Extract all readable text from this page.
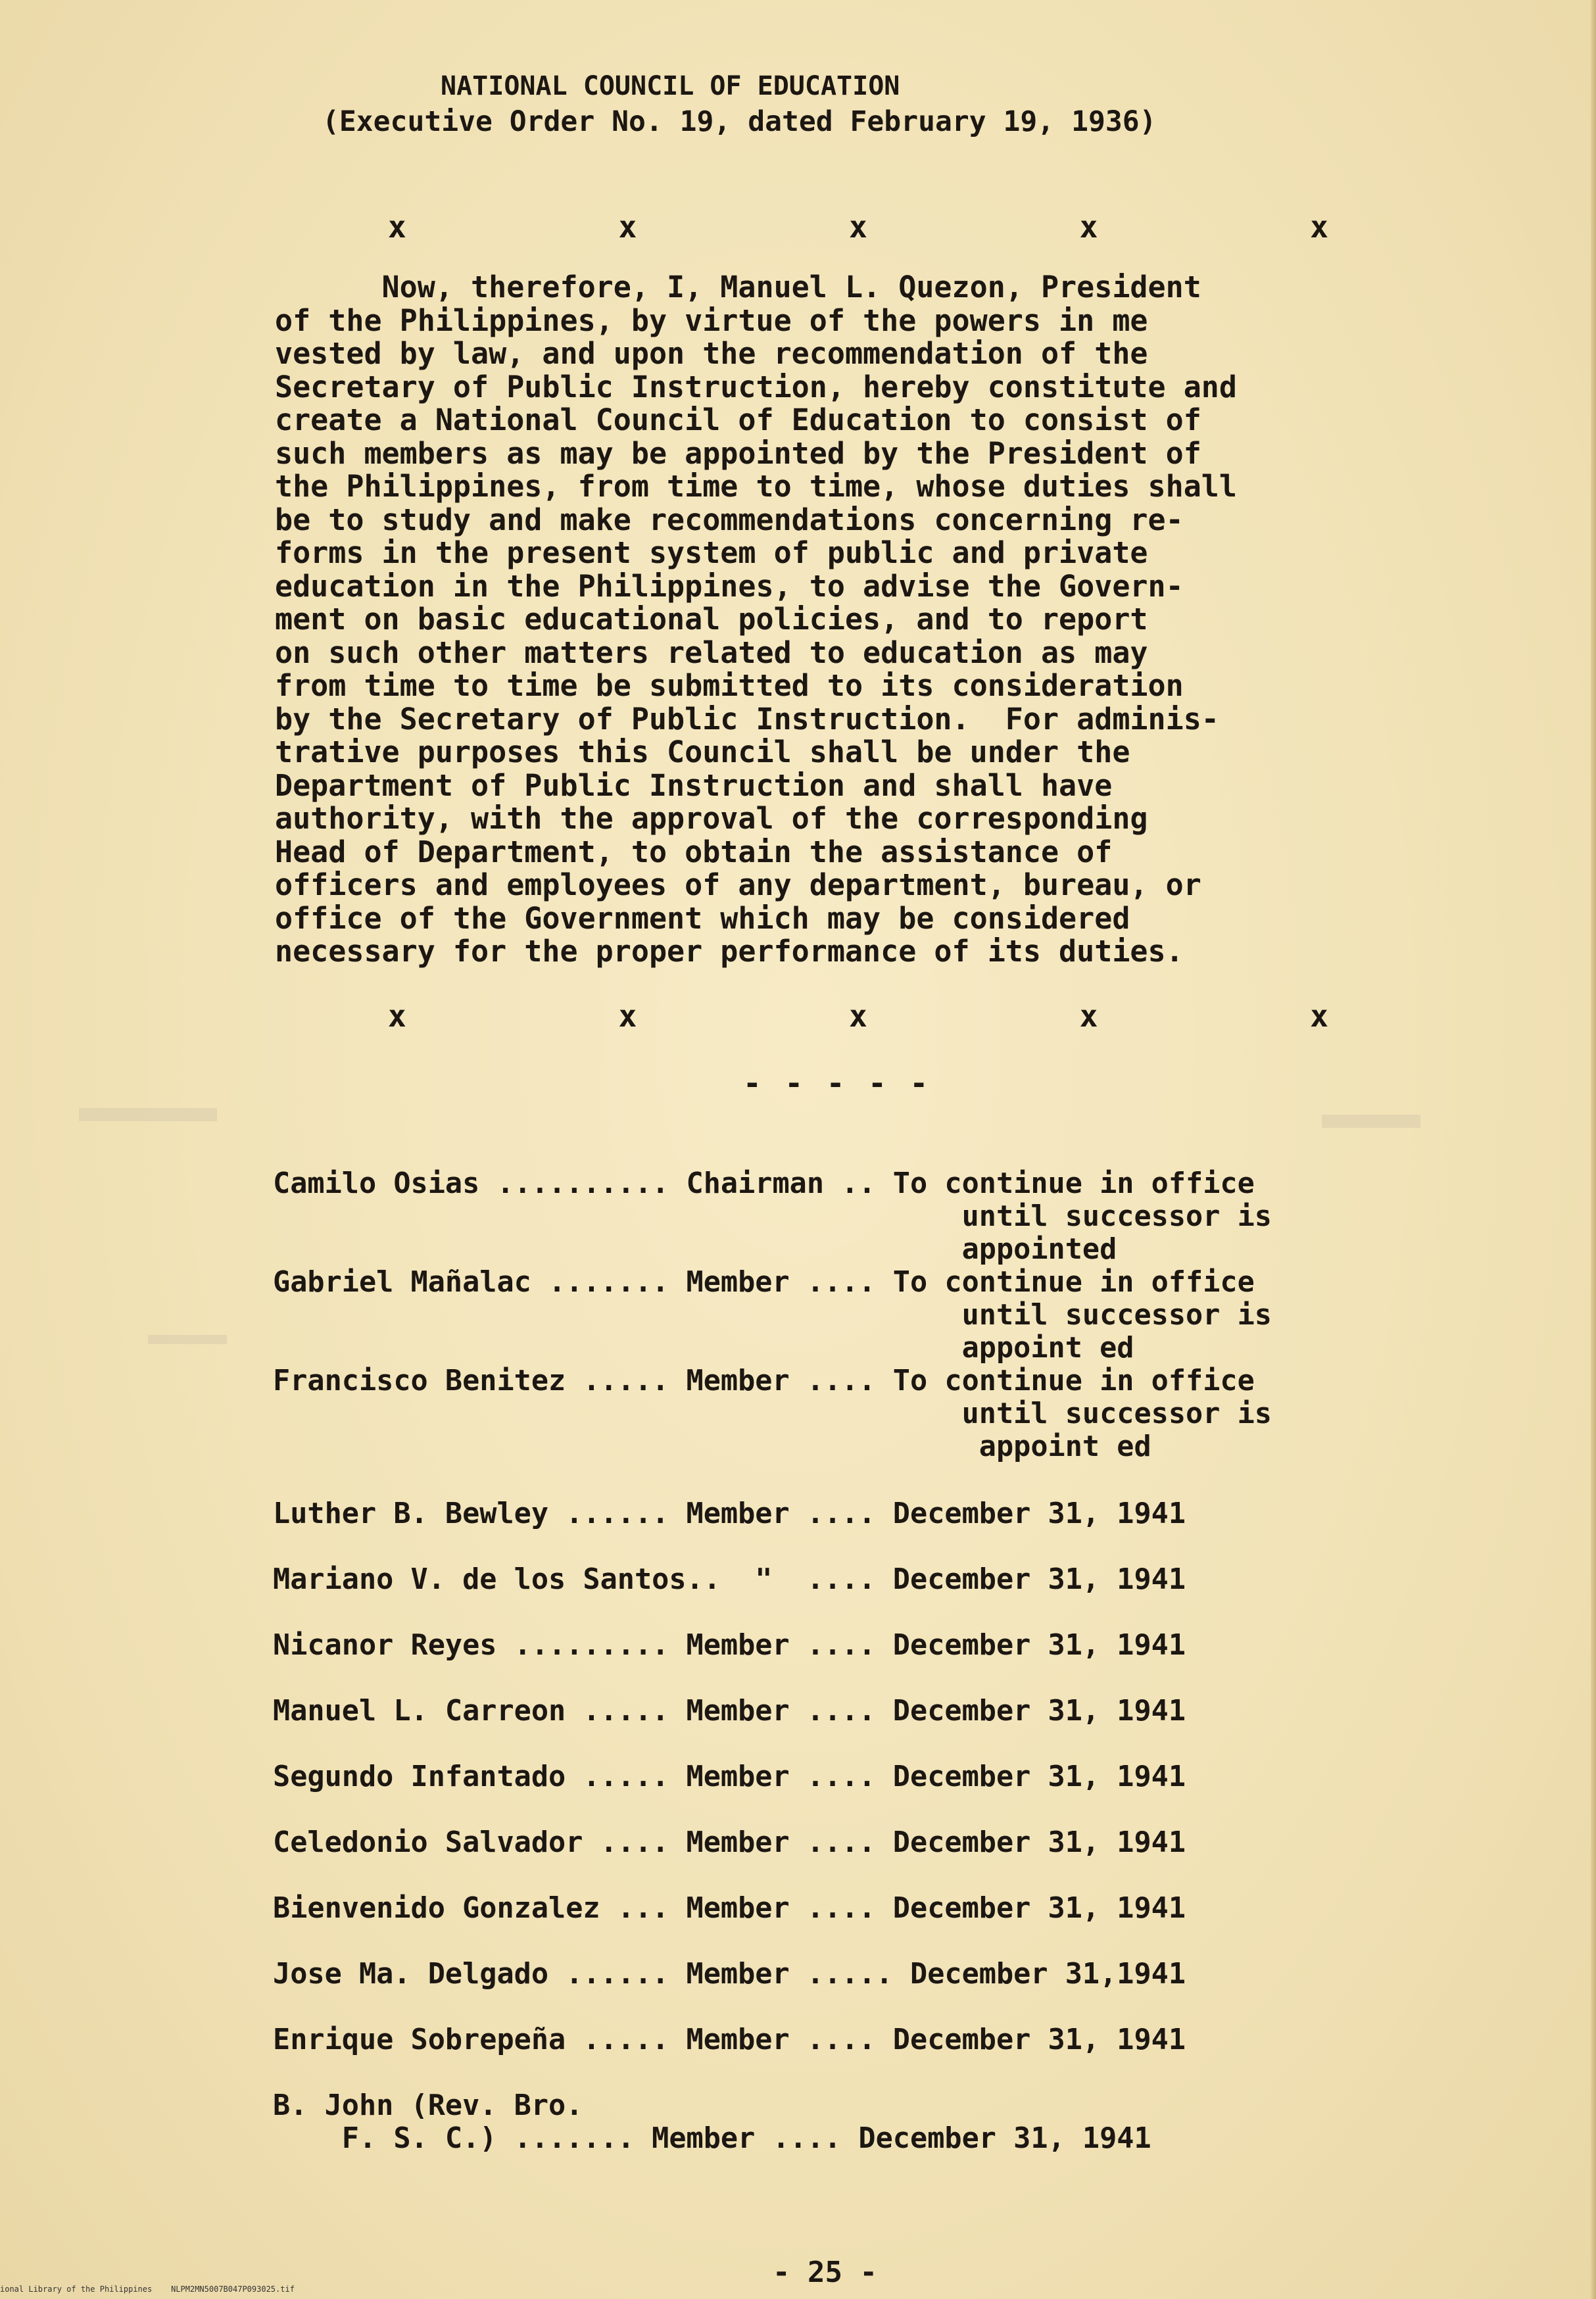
NATIONAL COUNCIL OF EDUCATION
(Executive Order No. 19, dated February 19, 1936)
x	x	x	x	x
Now, therefore, I, Manuel L. Quezon, President
of the Philippines, by virtue of the powers in me
vested by law, and upon the recommendation of the
Secretary of Public Instruction, hereby constitute and
create a National Council of Education to consist of
such members as may be appointed by the President of
the Philippines, from time to time, whose duties shall
be to study and make recommendations concerning re-
forms in the present system of public and private
education in the Philippines, to advise the Govern-
ment on basic educational policies, and to report
on such other matters related to education as may
from time to time be submitted to its consideration
by the Secretary of Public Instruction.  For adminis-
trative purposes this Council shall be under the
Department of Public Instruction and shall have
authority, with the approval of the corresponding
Head of Department, to obtain the assistance of
officers and employees of any department, bureau, or
office of the Government which may be considered
necessary for the proper performance of its duties.
x	x	x	x	x
- - - - -
Camilo Osias .......... Chairman .. To continue in office
until successor is
appointed
Gabriel Mañalac ....... Member .... To continue in office
until successor is
appoint ed
Francisco Benitez ..... Member .... To continue in office
until successor is
appoint ed
Luther B. Bewley ...... Member .... December 31, 1941
Mariano V. de los Santos..  "  .... December 31, 1941
Nicanor Reyes ......... Member .... December 31, 1941
Manuel L. Carreon ..... Member .... December 31, 1941
Segundo Infantado ..... Member .... December 31, 1941
Celedonio Salvador .... Member .... December 31, 1941
Bienvenido Gonzalez ... Member .... December 31, 1941
Jose Ma. Delgado ...... Member ..... December 31,1941
Enrique Sobrepeña ..... Member .... December 31, 1941
B. John (Rev. Bro.
F. S. C.) ....... Member .... December 31, 1941
- 25 -
ional Library of the Philippines    NLPM2MN5007B047P093025.tif
